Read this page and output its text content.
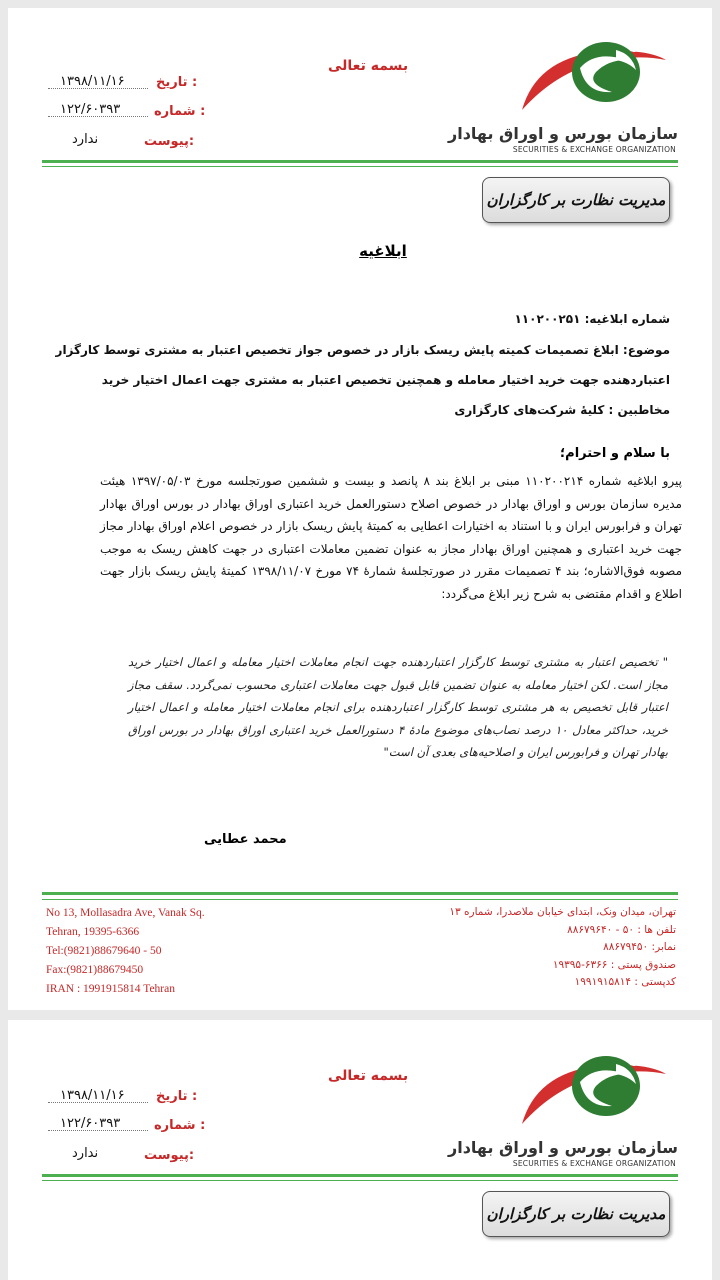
بسمه تعالی
۱۳۹۸/۱۱/۱۶ تاریخ :
۱۲۲/۶۰۳۹۳	شماره :
ندارد	پیوست:	سازمان بورس و اوراق بهادار
SECURITIES & EXCHANGE ORGANIZATION
مدیریت نظارت بر کارگزاران
ابلاغیه
شماره ابلاغیه: ۱۱۰۲۰۰۲۵۱
موضوع: ابلاغ تصمیمات کمیته پایش ریسک بازار در خصوص جواز تخصیص اعتبار به مشتری توسط کارگزار
اعتباردهنده جهت خرید اختیار معامله و همچنین تخصیص اعتبار به مشتری جهت اعمال اختیار خرید
مخاطبین : کلیهٔ شرکت‌های کارگزاری
با سلام و احترام؛
پیرو ابلاغیه شماره ۱۱۰۲۰۰۲۱۴ مبنی بر ابلاغ بند ۸ پانصد و بیست و ششمین صورتجلسه مورخ ۱۳۹۷/۰۵/۰۳ هیئت مدیره سازمان بورس و اوراق بهادار در خصوص اصلاح دستورالعمل خرید اعتباری اوراق بهادار در بورس اوراق بهادار تهران و فرابورس ایران و با استناد به اختیارات اعطایی به کمیتهٔ پایش ریسک بازار در خصوص اعلام اوراق بهادار مجاز جهت خرید اعتباری و همچنین اوراق بهادار مجاز به عنوان تضمین معاملات اعتباری در جهت کاهش ریسک به موجب مصوبه فوق‌الاشاره؛ بند ۴ تصمیمات مقرر در صورتجلسهٔ شمارهٔ ۷۴ مورخ ۱۳۹۸/۱۱/۰۷ کمیتهٔ پایش ریسک بازار جهت اطلاع و اقدام مقتضی به شرح زیر ابلاغ می‌گردد:
" تخصیص اعتبار به مشتری توسط کارگزار اعتباردهنده جهت انجام معاملات اختیار معامله و اعمال اختیار خرید مجاز است. لکن اختیار معامله به عنوان تضمین قابل قبول جهت معاملات اعتباری محسوب نمی‌گردد. سقف مجاز اعتبار قابل تخصیص به هر مشتری توسط کارگزار اعتباردهنده برای انجام معاملات اختیار معامله و اعمال اختیار خرید، حداکثر معادل ۱۰ درصد نصاب‌های موضوع مادهٔ ۴ دستورالعمل خرید اعتباری اوراق بهادار در بورس اوراق بهادار تهران و فرابورس ایران و اصلاحیه‌های بعدی آن است"
محمد عطایی
No 13, Mollasadra Ave, Vanak Sq.
Tehran, 19395-6366
Tel:(9821)88679640 - 50
Fax:(9821)88679450
IRAN : 1991915814 Tehran
تهران، میدان ونک، ابتدای خیابان ملاصدرا، شماره ۱۳
تلفن ها : ۵۰ - ۸۸۶۷۹۶۴۰
نمابر: ۸۸۶۷۹۴۵۰
صندوق پستی : ۶۳۶۶-۱۹۳۹۵
کدپستی : ۱۹۹۱۹۱۵۸۱۴
بسمه تعالی
۱۳۹۸/۱۱/۱۶ تاریخ :
۱۲۲/۶۰۳۹۳	شماره :
ندارد	پیوست:	سازمان بورس و اوراق بهادار
SECURITIES & EXCHANGE ORGANIZATION
مدیریت نظارت بر کارگزاران
